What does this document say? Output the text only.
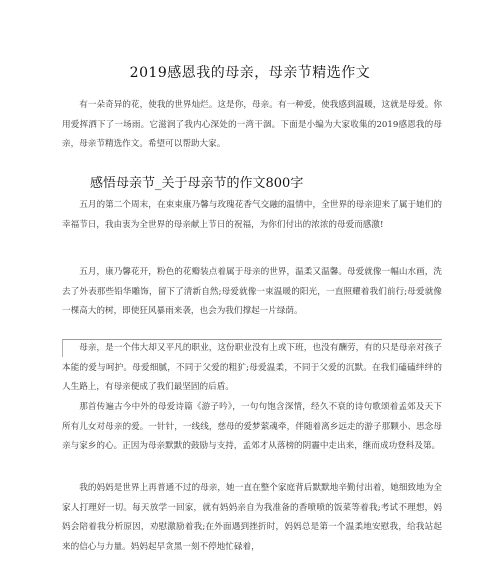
2019感恩我的母亲，母亲节精选作文

有一朵奇异的花，使我的世界灿烂。这是你，母亲。有一种爱，使我感到温暖，这就是母爱。你用爱挥洒下了一场雨。它滋润了我内心深处的一湾干涸。下面是小编为大家收集的2019感恩我的母亲，母亲节精选作文。希望可以帮助大家。

感悟母亲节_关于母亲节的作文800字

五月的第二个周末，在束束康乃馨与玫瑰花香气交融的温情中，全世界的母亲迎来了属于她们的幸福节日，我由衷为全世界的母亲献上节日的祝福，为你们付出的浓浓的母爱而感激!

五月，康乃馨花开，粉色的花瓣装点着属于母亲的世界，温柔又温馨。母爱就像一幅山水画，洗去了外表那些铅华雕饰，留下了清新自然;母爱就像一束温暖的阳光，一直照耀着我们前行;母爱就像一棵高大的树，即使狂风暴雨来袭，也会为我们撑起一片绿荫。

母亲，是一个伟大却又平凡的职业，这份职业没有上或下班，也没有酬劳，有的只是母亲对孩子本能的爱与呵护。母爱细腻，不同于父爱的粗犷;母爱温柔，不同于父爱的沉默。在我们磕磕绊绊的人生路上，有母亲便成了我们最坚固的后盾。

那首传遍古今中外的母爱诗篇《游子吟》，一句句饱含深情，经久不衰的诗句歌颂着孟郊及天下所有儿女对母亲的爱。一针针，一线线，慈母的爱梦萦魂牵，伴随着离乡远走的游子那颗小、思念母亲与家乡的心。正因为母亲默默的鼓励与支持，孟郊才从落榜的阴霾中走出来，继而成功登科及第。

我的妈妈是世界上再普通不过的母亲，她一直在整个家庭背后默默地辛勤付出着，她细致地为全家人打理好一切。每天放学一回家，就有妈妈亲自为我准备的香喷喷的饭菜等着我;考试不理想，妈妈会陪着我分析原因，劝慰激励着我;在外面遇到挫折时，妈妈总是第一个温柔地安慰我，给我站起来的信心与力量。妈妈起早贪黑一刻不停地忙碌着，
